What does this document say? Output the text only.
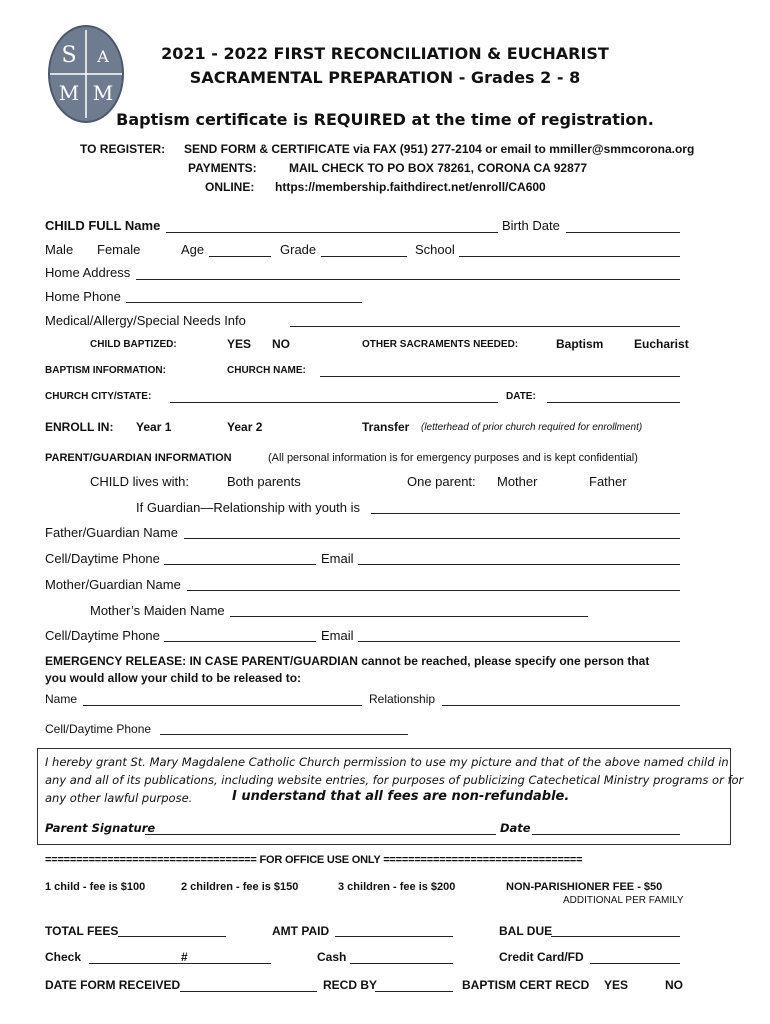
S A
M M
2021 - 2022 FIRST RECONCILIATION & EUCHARIST
SACRAMENTAL PREPARATION - Grades 2 - 8
Baptism certificate is REQUIRED at the time of registration.
TO REGISTER: SEND FORM & CERTIFICATE via FAX (951) 277-2104 or email to mmiller@smmcorona.org
PAYMENTS:	MAIL CHECK TO PO BOX 78261, CORONA CA 92877
ONLINE: https://membership.faithdirect.net/enroll/CA600
CHILD FULL Name	Birth Date
Male Female	Age	Grade	School
Home Address
Home Phone
Medical/Allergy/Special Needs Info
CHILD BAPTIZED:	YES NO	OTHER SACRAMENTS NEEDED:	Baptism	Eucharist
BAPTISM INFORMATION:	CHURCH NAME:
CHURCH CITY/STATE:	DATE:
ENROLL IN: Year 1	Year 2	Transfer (letterhead of prior church required for enrollment)
PARENT/GUARDIAN INFORMATION	(All personal information is for emergency purposes and is kept confidential)
CHILD lives with:	Both parents	One parent: Mother	Father
If Guardian—Relationship with youth is
Father/Guardian Name
Cell/Daytime Phone	Email
Mother/Guardian Name
Mother’s Maiden Name
Cell/Daytime Phone	Email
EMERGENCY RELEASE: IN CASE PARENT/GUARDIAN cannot be reached, please specify one person that
you would allow your child to be released to:
Name	Relationship
Cell/Daytime Phone
I hereby grant St. Mary Magdalene Catholic Church permission to use my picture and that of the above named child in
any and all of its publications, including website entries, for purposes of publicizing Catechetical Ministry programs or for
any other lawful purpose.	I understand that all fees are non-refundable.
Parent Signature	Date
================================== FOR OFFICE USE ONLY ================================
1 child - fee is $100	2 children - fee is $150	3 children - fee is $200	NON-PARISHIONER FEE - $50
ADDITIONAL PER FAMILY
TOTAL FEES	AMT PAID	BAL DUE
Check	#	Cash	Credit Card/FD
DATE FORM RECEIVED	RECD BY	BAPTISM CERT RECD YES	NO
